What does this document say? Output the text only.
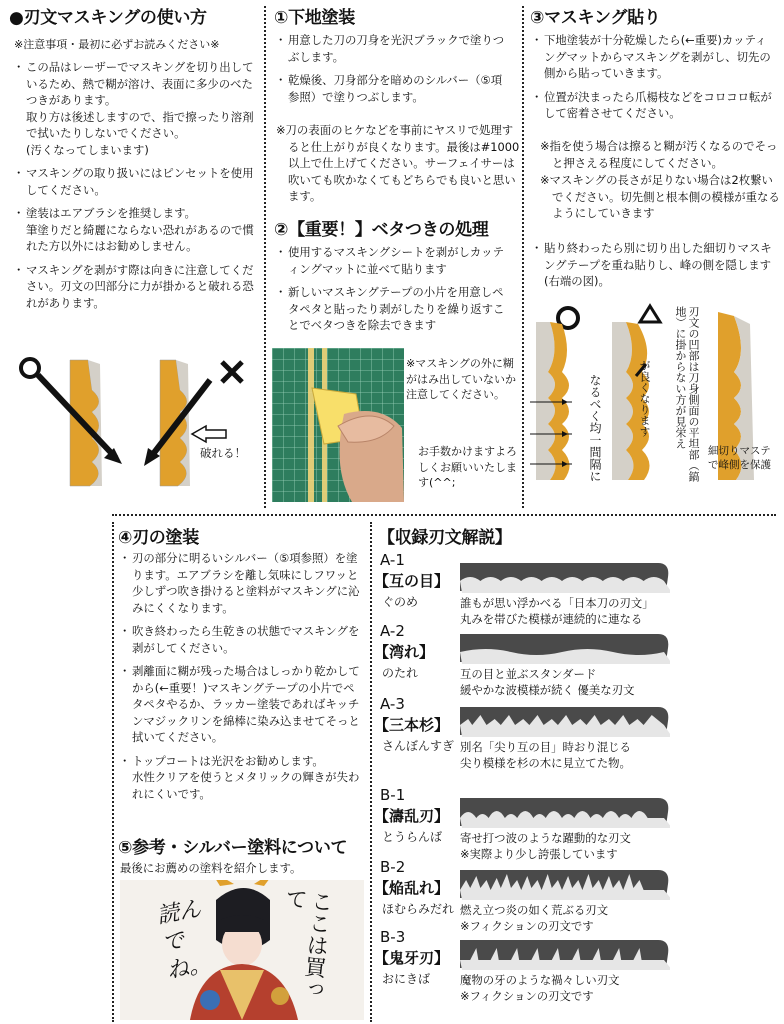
●刃文マスキングの使い方
※注意事項・最初に必ずお読みください※
・ この品はレーザーでマスキングを切り出しているため、熱で糊が溶け、表面に多少のべたつきがあります。
取り方は後述しますので、指で擦ったり溶剤で拭いたりしないでください。
(汚くなってしまいます)
・ マスキングの取り扱いにはピンセットを使用してください。
・ 塗装はエアブラシを推奨します。
筆塗りだと綺麗にならない恐れがあるので慣れた方以外にはお勧めしません。
・ マスキングを剥がす際は向きに注意してください。刃文の凹部分に力が掛かると破れる恐れがあります。
破れる！
①下地塗装
・ 用意した刀の刀身を光沢ブラックで塗りつぶします。
・ 乾燥後、刀身部分を暗めのシルバー（⑤項参照）で塗りつぶします。
※刀の表面のヒケなどを事前にヤスリで処理すると仕上がりが良くなります。最後は#1000以上で仕上げてください。サーフェイサーは吹いても吹かなくてもどちらでも良いと思います。
②【重要！】ベタつきの処理
・ 使用するマスキングシートを剥がしカッティングマットに並べて貼ります
・ 新しいマスキングテープの小片を用意しペタペタと貼ったり剥がしたりを繰り返すことでベタつきを除去できます
※マスキングの外に糊がはみ出していないか注意してください。
お手数かけますよろしくお願いいたします(^^;
③マスキング貼り
・ 下地塗装が十分乾燥したら(←重要)カッティングマットからマスキングを剥がし、切先の側から貼っていきます。
・ 位置が決まったら爪楊枝などをコロコロ転がして密着させてください。
※指を使う場合は擦ると糊が汚くなるのでそっと押さえる程度にしてください。
※マスキングの長さが足りない場合は2枚繋いでください。切先側と根本側の模様が重なるようにしていきます
・ 貼り終わったら別に切り出した細切りマスキングテープを重ね貼りし、峰の側を隠します(右端の図)。
なるべく均一間隔に	が良くなります	刃文の凹部は刀身側面の平坦部（鎬地）に掛からない方が見栄え
細切りマステで峰側を保護
④刃の塗装
・ 刃の部分に明るいシルバー（⑤項参照）を塗ります。エアブラシを離し気味にしフワッと少しずつ吹き掛けると塗料がマスキングに沁みにくくなります。
・ 吹き終わったら生乾きの状態でマスキングを剥がしてください。
・ 剥離面に糊が残った場合はしっかり乾かしてから(←重要！)マスキングテープの小片でペタペタやるか、ラッカー塗装であればキッチンマジックリンを綿棒に染み込ませてそっと拭いてください。
・ トップコートは光沢をお勧めします。
水性クリアを使うとメタリックの輝きが失われにくいです。
⑤参考・シルバー塗料について
最後にお薦めの塗料を紹介します。
読んでね。	ここは買って
【収録刃文解説】
A-1
【互の目】
ぐのめ	誰もが思い浮かべる「日本刀の刃文」
丸みを帯びた模様が連続的に連なる
A-2
【湾れ】
のたれ	互の目と並ぶスタンダード
緩やかな波模様が続く 優美な刃文
A-3
【三本杉】
さんぼんすぎ 別名「尖り互の目」時おり混じる
尖り模様を杉の木に見立てた物。
B-1
【濤乱刃】
とうらんば 寄せ打つ波のような躍動的な刃文
※実際より少し誇張しています
B-2
【焔乱れ】
ほむらみだれ 燃え立つ炎の如く荒ぶる刃文
※フィクションの刃文です
B-3
【鬼牙刃】
おにきば	魔物の牙のような禍々しい刃文
※フィクションの刃文です
